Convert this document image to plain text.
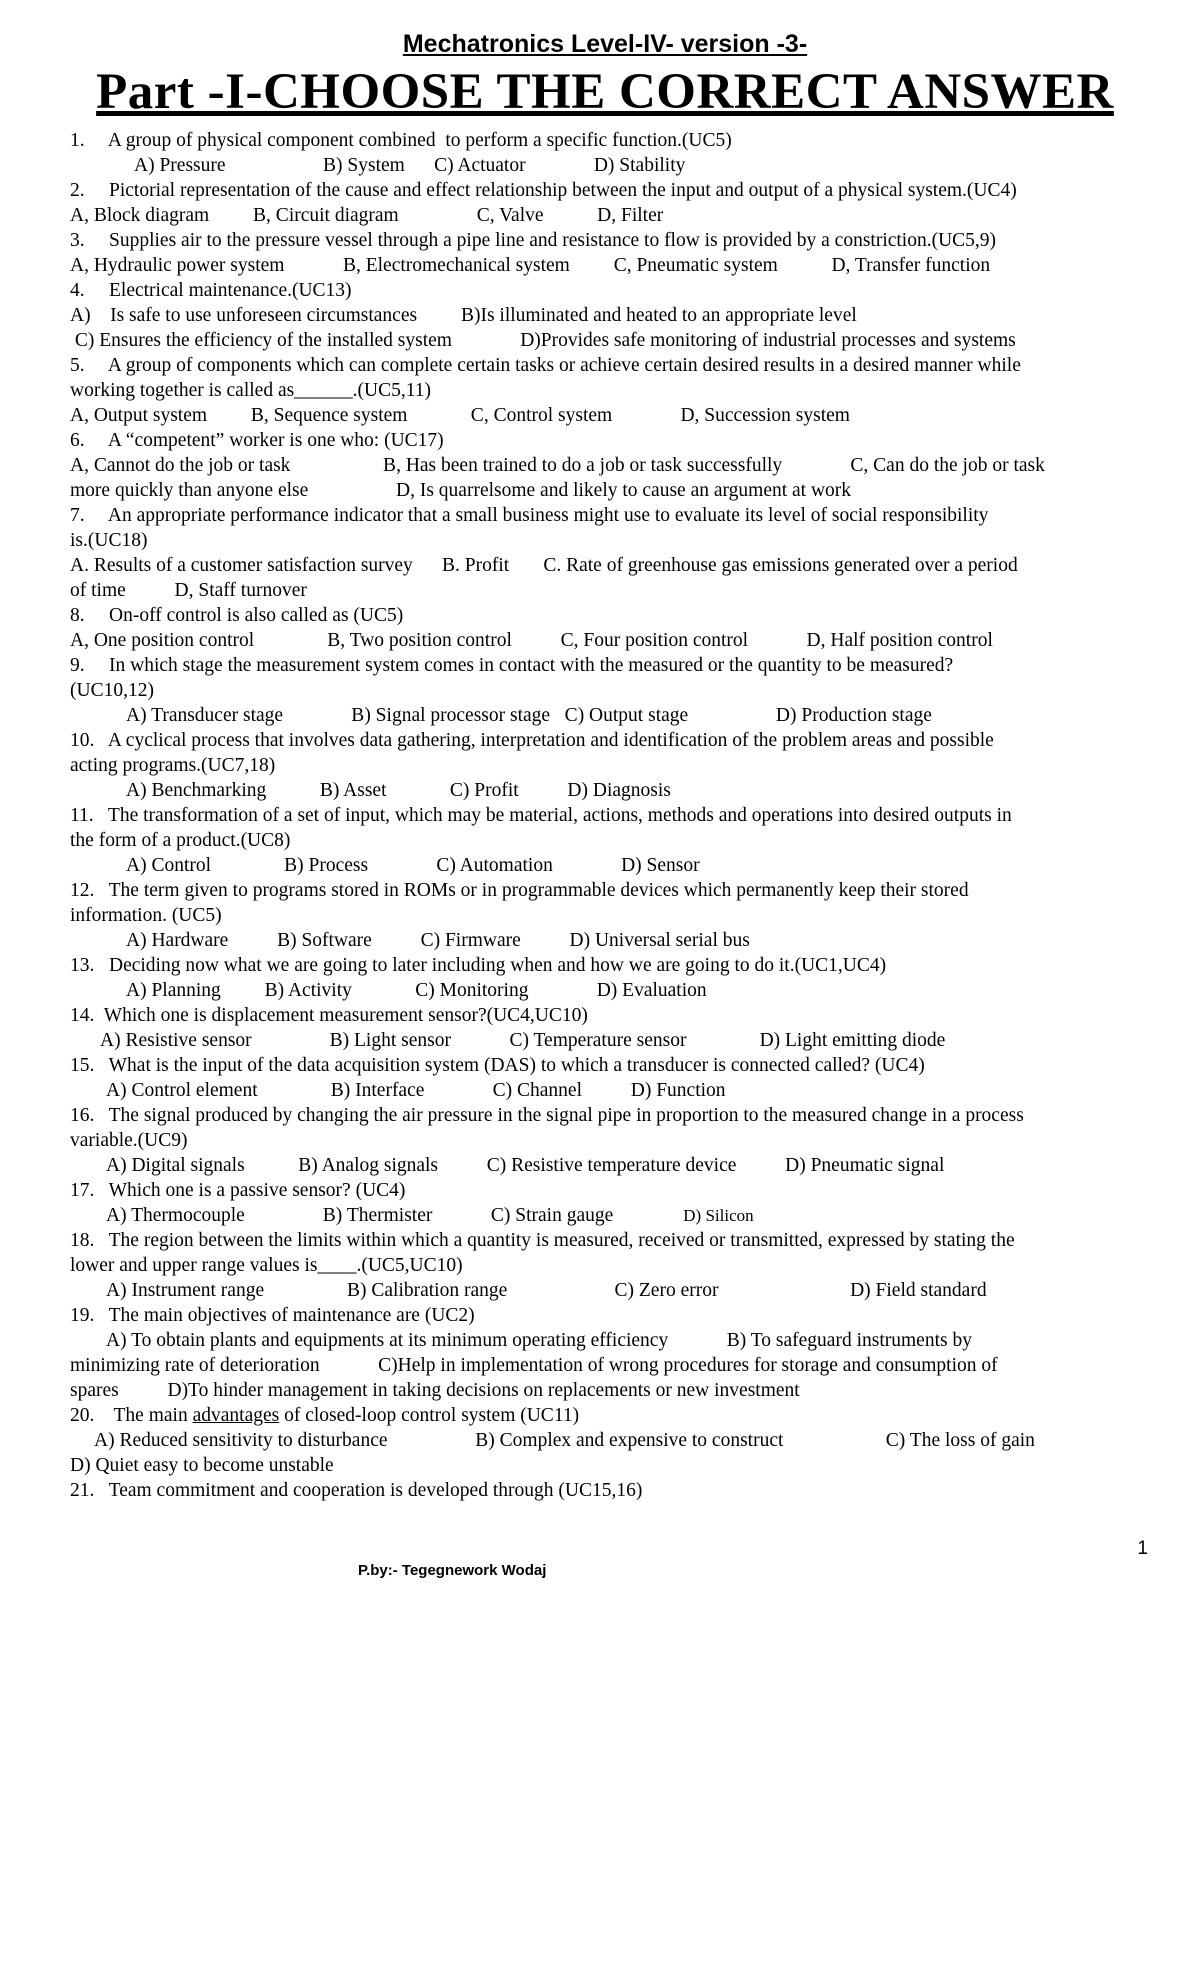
Mechatronics Level-IV- version -3-
Part -I-CHOOSE THE CORRECT ANSWER
1.     A group of physical component combined  to perform a specific function.(UC5)
A) Pressure                    B) System      C) Actuator              D) Stability
2.     Pictorial representation of the cause and effect relationship between the input and output of a physical system.(UC4)
A, Block diagram         B, Circuit diagram                C, Valve           D, Filter
3.     Supplies air to the pressure vessel through a pipe line and resistance to flow is provided by a constriction.(UC5,9)
A, Hydraulic power system            B, Electromechanical system         C, Pneumatic system           D, Transfer function
4.     Electrical maintenance.(UC13)
A)    Is safe to use unforeseen circumstances         B)Is illuminated and heated to an appropriate level
C) Ensures the efficiency of the installed system              D)Provides safe monitoring of industrial processes and systems
5.     A group of components which can complete certain tasks or achieve certain desired results in a desired manner while
working together is called as______.(UC5,11)
A, Output system         B, Sequence system             C, Control system              D, Succession system
6.     A “competent” worker is one who: (UC17)
A, Cannot do the job or task                   B, Has been trained to do a job or task successfully              C, Can do the job or task
more quickly than anyone else                  D, Is quarrelsome and likely to cause an argument at work
7.     An appropriate performance indicator that a small business might use to evaluate its level of social responsibility
is.(UC18)
A. Results of a customer satisfaction survey      B. Profit       C. Rate of greenhouse gas emissions generated over a period
of time          D, Staff turnover
8.     On-off control is also called as (UC5)
A, One position control               B, Two position control          C, Four position control            D, Half position control
9.     In which stage the measurement system comes in contact with the measured or the quantity to be measured?
(UC10,12)
A) Transducer stage              B) Signal processor stage   C) Output stage                  D) Production stage
10.   A cyclical process that involves data gathering, interpretation and identification of the problem areas and possible
acting programs.(UC7,18)
A) Benchmarking           B) Asset             C) Profit          D) Diagnosis
11.   The transformation of a set of input, which may be material, actions, methods and operations into desired outputs in
the form of a product.(UC8)
A) Control               B) Process              C) Automation              D) Sensor
12.   The term given to programs stored in ROMs or in programmable devices which permanently keep their stored
information. (UC5)
A) Hardware          B) Software          C) Firmware          D) Universal serial bus
13.   Deciding now what we are going to later including when and how we are going to do it.(UC1,UC4)
A) Planning         B) Activity             C) Monitoring              D) Evaluation
14.  Which one is displacement measurement sensor?(UC4,UC10)
A) Resistive sensor                B) Light sensor            C) Temperature sensor               D) Light emitting diode
15.   What is the input of the data acquisition system (DAS) to which a transducer is connected called? (UC4)
A) Control element               B) Interface              C) Channel          D) Function
16.   The signal produced by changing the air pressure in the signal pipe in proportion to the measured change in a process
variable.(UC9)
A) Digital signals           B) Analog signals          C) Resistive temperature device          D) Pneumatic signal
17.   Which one is a passive sensor? (UC4)
A) Thermocouple                B) Thermister            C) Strain gauge	D) Silicon
18.   The region between the limits within which a quantity is measured, received or transmitted, expressed by stating the
lower and upper range values is____.(UC5,UC10)
A) Instrument range                 B) Calibration range                      C) Zero error                           D) Field standard
19.   The main objectives of maintenance are (UC2)
A) To obtain plants and equipments at its minimum operating efficiency            B) To safeguard instruments by
minimizing rate of deterioration            C)Help in implementation of wrong procedures for storage and consumption of
spares          D)To hinder management in taking decisions on replacements or new investment
20.    The main advantages of closed-loop control system (UC11)
A) Reduced sensitivity to disturbance                  B) Complex and expensive to construct                     C) The loss of gain
D) Quiet easy to become unstable
21.   Team commitment and cooperation is developed through (UC15,16)
1
P.by:- Tegegnework Wodaj
